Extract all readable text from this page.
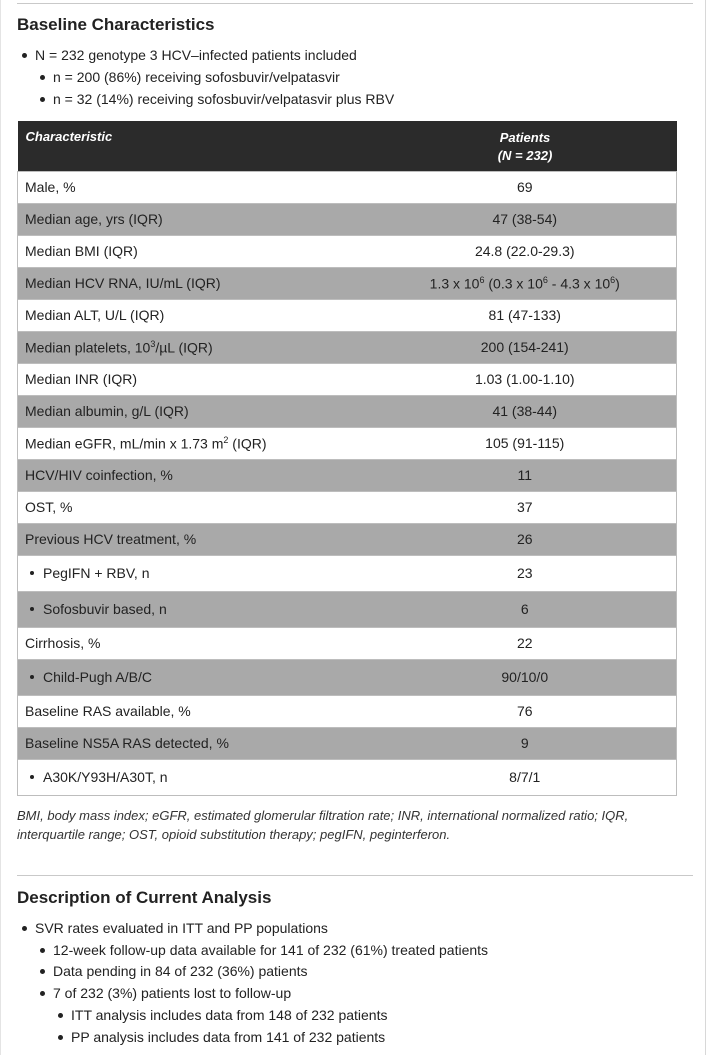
Baseline Characteristics
N = 232 genotype 3 HCV–infected patients included
n = 200 (86%) receiving sofosbuvir/velpatasvir
n = 32 (14%) receiving sofosbuvir/velpatasvir plus RBV
Characteristic	Patients
(N = 232)
Male, %	69
Median age, yrs (IQR)	47 (38-54)
Median BMI (IQR)	24.8 (22.0-29.3)
Median HCV RNA, IU/mL (IQR)	1.3 x $10^6$ (0.3 x $10^6 - 4.3$ x $10^6$)
Median ALT, U/L (IQR)	81 (47-133)
Median platelets, $10^3/\mu L$ (IQR)	200 (154-241)
Median INR (IQR)	1.03 (1.00-1.10)
Median albumin, g/L (IQR)	41 (38-44)
Median eGFR, mL/min x 1.73 $m^2$ (IQR)	105 (91-115)
HCV/HIV coinfection, %	11
OST, %	37
Previous HCV treatment, %	26
PegIFN + RBV, n	23
Sofosbuvir based, n	6
Cirrhosis, %	22
Child-Pugh A/B/C	90/10/0
Baseline RAS available, %	76
Baseline NS5A RAS detected, %	9
A30K/Y93H/A30T, n	8/7/1
BMI, body mass index; eGFR, estimated glomerular filtration rate; INR, international normalized ratio; IQR, interquartile range; OST, opioid substitution therapy; pegIFN, peginterferon.
Description of Current Analysis
SVR rates evaluated in ITT and PP populations
12-week follow-up data available for 141 of 232 (61%) treated patients
Data pending in 84 of 232 (36%) patients
7 of 232 (3%) patients lost to follow-up
ITT analysis includes data from 148 of 232 patients
PP analysis includes data from 141 of 232 patients
